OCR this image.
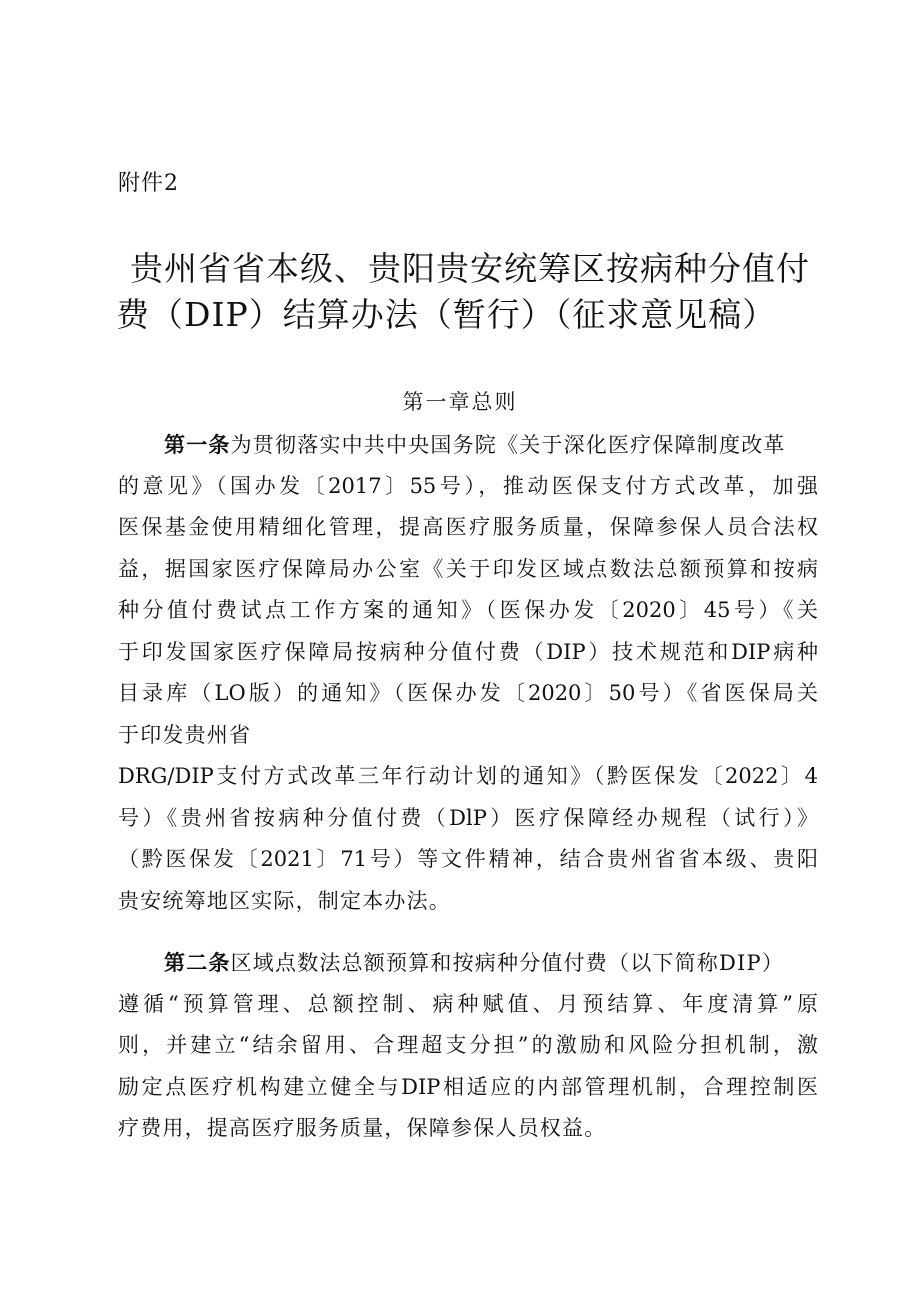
附件2
贵州省省本级、贵阳贵安统筹区按病种分值付
费（DIP）结算办法（暂行）（征求意见稿）
第一章总则
第一条为贯彻落实中共中央国务院《关于深化医疗保障制度改革
的意见》（国办发〔2017〕55号），推动医保支付方式改革，加强
医保基金使用精细化管理，提高医疗服务质量，保障参保人员合法权
益，据国家医疗保障局办公室《关于印发区域点数法总额预算和按病
种分值付费试点工作方案的通知》（医保办发〔2020〕45号）《关
于印发国家医疗保障局按病种分值付费（DIP）技术规范和DIP病种
目录库（LO版）的通知》（医保办发〔2020〕50号）《省医保局关
于印发贵州省
DRG/DIP支付方式改革三年行动计划的通知》（黔医保发〔2022〕4
号）《贵州省按病种分值付费（DlP）医疗保障经办规程（试行）》
（黔医保发〔2021〕71号）等文件精神，结合贵州省省本级、贵阳
贵安统筹地区实际，制定本办法。
第二条区域点数法总额预算和按病种分值付费（以下简称DIP）
遵循“预算管理、总额控制、病种赋值、月预结算、年度清算”原
则，并建立“结余留用、合理超支分担”的激励和风险分担机制，激
励定点医疗机构建立健全与DIP相适应的内部管理机制，合理控制医
疗费用，提高医疗服务质量，保障参保人员权益。
